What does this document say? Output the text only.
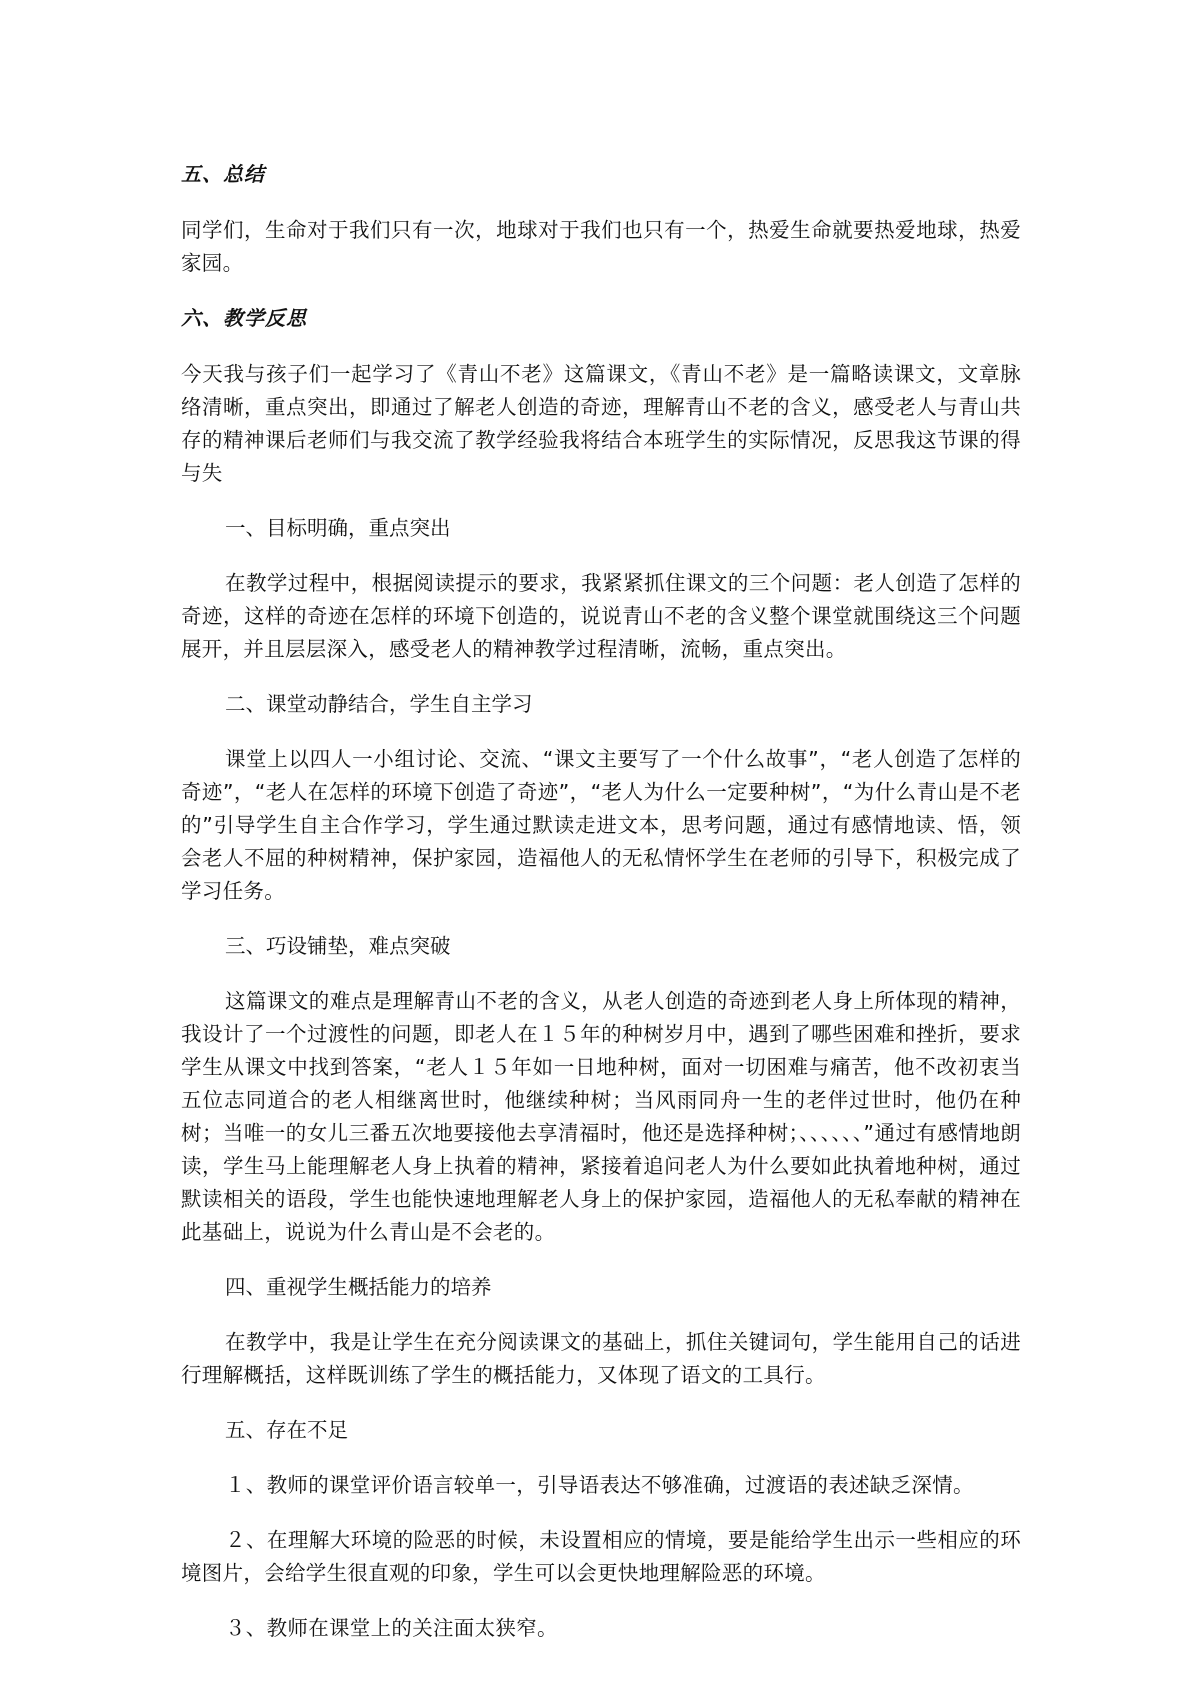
五、总结

同学们，生命对于我们只有一次，地球对于我们也只有一个，热爱生命就要热爱地球，热爱家园。

六、教学反思

今天我与孩子们一起学习了《青山不老》这篇课文，《青山不老》是一篇略读课文，文章脉络清晰，重点突出，即通过了解老人创造的奇迹，理解青山不老的含义，感受老人与青山共存的精神课后老师们与我交流了教学经验我将结合本班学生的实际情况，反思我这节课的得与失

一、目标明确，重点突出

在教学过程中，根据阅读提示的要求，我紧紧抓住课文的三个问题：老人创造了怎样的奇迹，这样的奇迹在怎样的环境下创造的，说说青山不老的含义整个课堂就围绕这三个问题展开，并且层层深入，感受老人的精神教学过程清晰，流畅，重点突出。

二、课堂动静结合，学生自主学习

课堂上以四人一小组讨论、交流、“课文主要写了一个什么故事”，“老人创造了怎样的奇迹”，“老人在怎样的环境下创造了奇迹”，“老人为什么一定要种树”，“为什么青山是不老的”引导学生自主合作学习，学生通过默读走进文本，思考问题，通过有感情地读、悟，领会老人不屈的种树精神，保护家园，造福他人的无私情怀学生在老师的引导下，积极完成了学习任务。

三、巧设铺垫，难点突破

这篇课文的难点是理解青山不老的含义，从老人创造的奇迹到老人身上所体现的精神，我设计了一个过渡性的问题，即老人在１５年的种树岁月中，遇到了哪些困难和挫折，要求学生从课文中找到答案，“老人１５年如一日地种树，面对一切困难与痛苦，他不改初衷当五位志同道合的老人相继离世时，他继续种树；当风雨同舟一生的老伴过世时，他仍在种树；当唯一的女儿三番五次地要接他去享清福时，他还是选择种树；、、、、、、”通过有感情地朗读，学生马上能理解老人身上执着的精神，紧接着追问老人为什么要如此执着地种树，通过默读相关的语段，学生也能快速地理解老人身上的保护家园，造福他人的无私奉献的精神在此基础上，说说为什么青山是不会老的。

四、重视学生概括能力的培养

在教学中，我是让学生在充分阅读课文的基础上，抓住关键词句，学生能用自己的话进行理解概括，这样既训练了学生的概括能力，又体现了语文的工具行。

五、存在不足

１、教师的课堂评价语言较单一，引导语表达不够准确，过渡语的表述缺乏深情。

２、在理解大环境的险恶的时候，未设置相应的情境，要是能给学生出示一些相应的环境图片，会给学生很直观的印象，学生可以会更快地理解险恶的环境。

３、教师在课堂上的关注面太狭窄。
